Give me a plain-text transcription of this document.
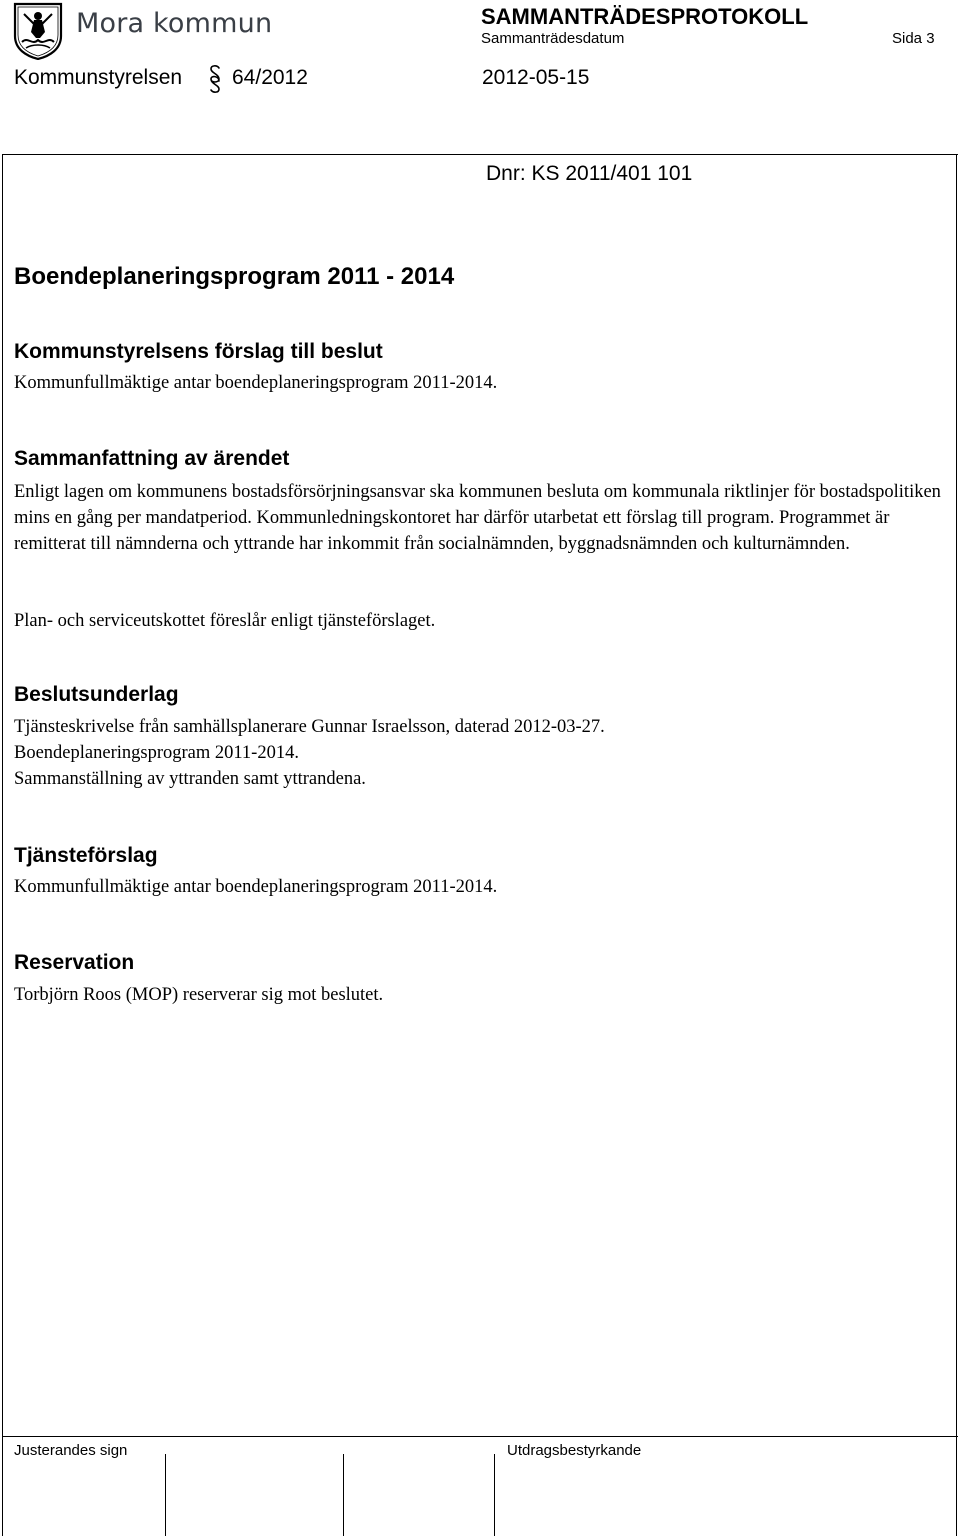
Mora kommun	SAMMANTRÄDESPROTOKOLL
Sammanträdesdatum	Sida 3
Kommunstyrelsen 64/2012	2012-05-15
Dnr: KS 2011/401 101
Boendeplaneringsprogram 2011 - 2014
Kommunstyrelsens förslag till beslut
Kommunfullmäktige antar boendeplaneringsprogram 2011-2014.
Sammanfattning av ärendet
Enligt lagen om kommunens bostadsförsörjningsansvar ska kommunen besluta om kommunala riktlinjer för bostadspolitiken mins en gång per mandatperiod. Kommunledningskontoret har därför utarbetat ett förslag till program. Programmet är remitterat till nämnderna och yttrande har inkommit från socialnämnden, byggnadsnämnden och kulturnämnden.
Plan- och serviceutskottet föreslår enligt tjänsteförslaget.
Beslutsunderlag
Tjänsteskrivelse från samhällsplanerare Gunnar Israelsson, daterad 2012-03-27.
Boendeplaneringsprogram 2011-2014.
Sammanställning av yttranden samt yttrandena.
Tjänsteförslag
Kommunfullmäktige antar boendeplaneringsprogram 2011-2014.
Reservation
Torbjörn Roos (MOP) reserverar sig mot beslutet.
Justerandes sign	Utdragsbestyrkande
